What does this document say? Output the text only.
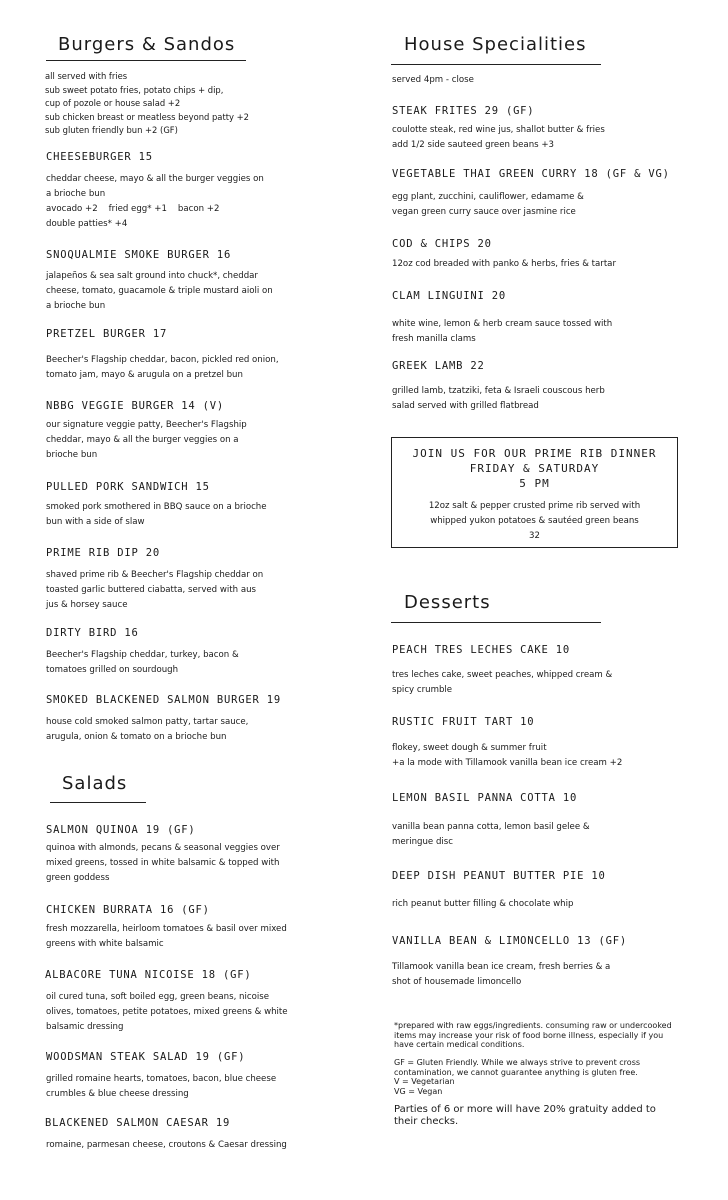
Burgers & Sandos
all served with fries
sub sweet potato fries, potato chips + dip,
cup of pozole or house salad +2
sub chicken breast or meatless beyond patty +2
sub gluten friendly bun +2 (GF)
CHEESEBURGER 15
cheddar cheese, mayo & all the burger veggies on
a brioche bun
avocado +2    fried egg* +1    bacon +2
double patties* +4
SNOQUALMIE SMOKE BURGER 16
jalapeños & sea salt ground into chuck*, cheddar
cheese, tomato, guacamole & triple mustard aioli on
a brioche bun
PRETZEL BURGER 17
Beecher's Flagship cheddar, bacon, pickled red onion,
tomato jam, mayo & arugula on a pretzel bun
NBBG VEGGIE BURGER 14 (V)
our signature veggie patty, Beecher's Flagship
cheddar, mayo & all the burger veggies on a
brioche bun
PULLED PORK SANDWICH 15
smoked pork smothered in BBQ sauce on a brioche
bun with a side of slaw
PRIME RIB DIP 20
shaved prime rib & Beecher's Flagship cheddar on
toasted garlic buttered ciabatta, served with aus
jus & horsey sauce
DIRTY BIRD 16
Beecher's Flagship cheddar, turkey, bacon &
tomatoes grilled on sourdough
SMOKED BLACKENED SALMON BURGER 19
house cold smoked salmon patty, tartar sauce,
arugula, onion & tomato on a brioche bun
Salads
SALMON QUINOA 19 (GF)
quinoa with almonds, pecans & seasonal veggies over
mixed greens, tossed in white balsamic & topped with
green goddess
CHICKEN BURRATA 16 (GF)
fresh mozzarella, heirloom tomatoes & basil over mixed
greens with white balsamic
ALBACORE TUNA NICOISE 18 (GF)
oil cured tuna, soft boiled egg, green beans, nicoise
olives, tomatoes, petite potatoes, mixed greens & white
balsamic dressing
WOODSMAN STEAK SALAD 19 (GF)
grilled romaine hearts, tomatoes, bacon, blue cheese
crumbles & blue cheese dressing
BLACKENED SALMON CAESAR 19
romaine, parmesan cheese, croutons & Caesar dressing
House Specialities
served 4pm - close
STEAK FRITES 29 (GF)
coulotte steak, red wine jus, shallot butter & fries
add 1/2 side sauteed green beans +3
VEGETABLE THAI GREEN CURRY 18 (GF & VG)
egg plant, zucchini, cauliflower, edamame &
vegan green curry sauce over jasmine rice
COD & CHIPS 20
12oz cod breaded with panko & herbs, fries & tartar
CLAM LINGUINI 20
white wine, lemon & herb cream sauce tossed with
fresh manilla clams
GREEK LAMB 22
grilled lamb, tzatziki, feta & Israeli couscous herb
salad served with grilled flatbread
JOIN US FOR OUR PRIME RIB DINNER
FRIDAY & SATURDAY
5 PM
12oz salt & pepper crusted prime rib served with
whipped yukon potatoes & sautéed green beans
32
Desserts
PEACH TRES LECHES CAKE 10
tres leches cake, sweet peaches, whipped cream &
spicy crumble
RUSTIC FRUIT TART 10
flokey, sweet dough & summer fruit
+a la mode with Tillamook vanilla bean ice cream +2
LEMON BASIL PANNA COTTA 10
vanilla bean panna cotta, lemon basil gelee &
meringue disc
DEEP DISH PEANUT BUTTER PIE 10
rich peanut butter filling & chocolate whip
VANILLA BEAN & LIMONCELLO 13 (GF)
Tillamook vanilla bean ice cream, fresh berries & a
shot of housemade limoncello
*prepared with raw eggs/ingredients. consuming raw or undercooked
items may increase your risk of food borne illness, especially if you
have certain medical conditions.
GF = Gluten Friendly. While we always strive to prevent cross
contamination, we cannot guarantee anything is gluten free.
V = Vegetarian
VG = Vegan
Parties of 6 or more will have 20% gratuity added to
their checks.
